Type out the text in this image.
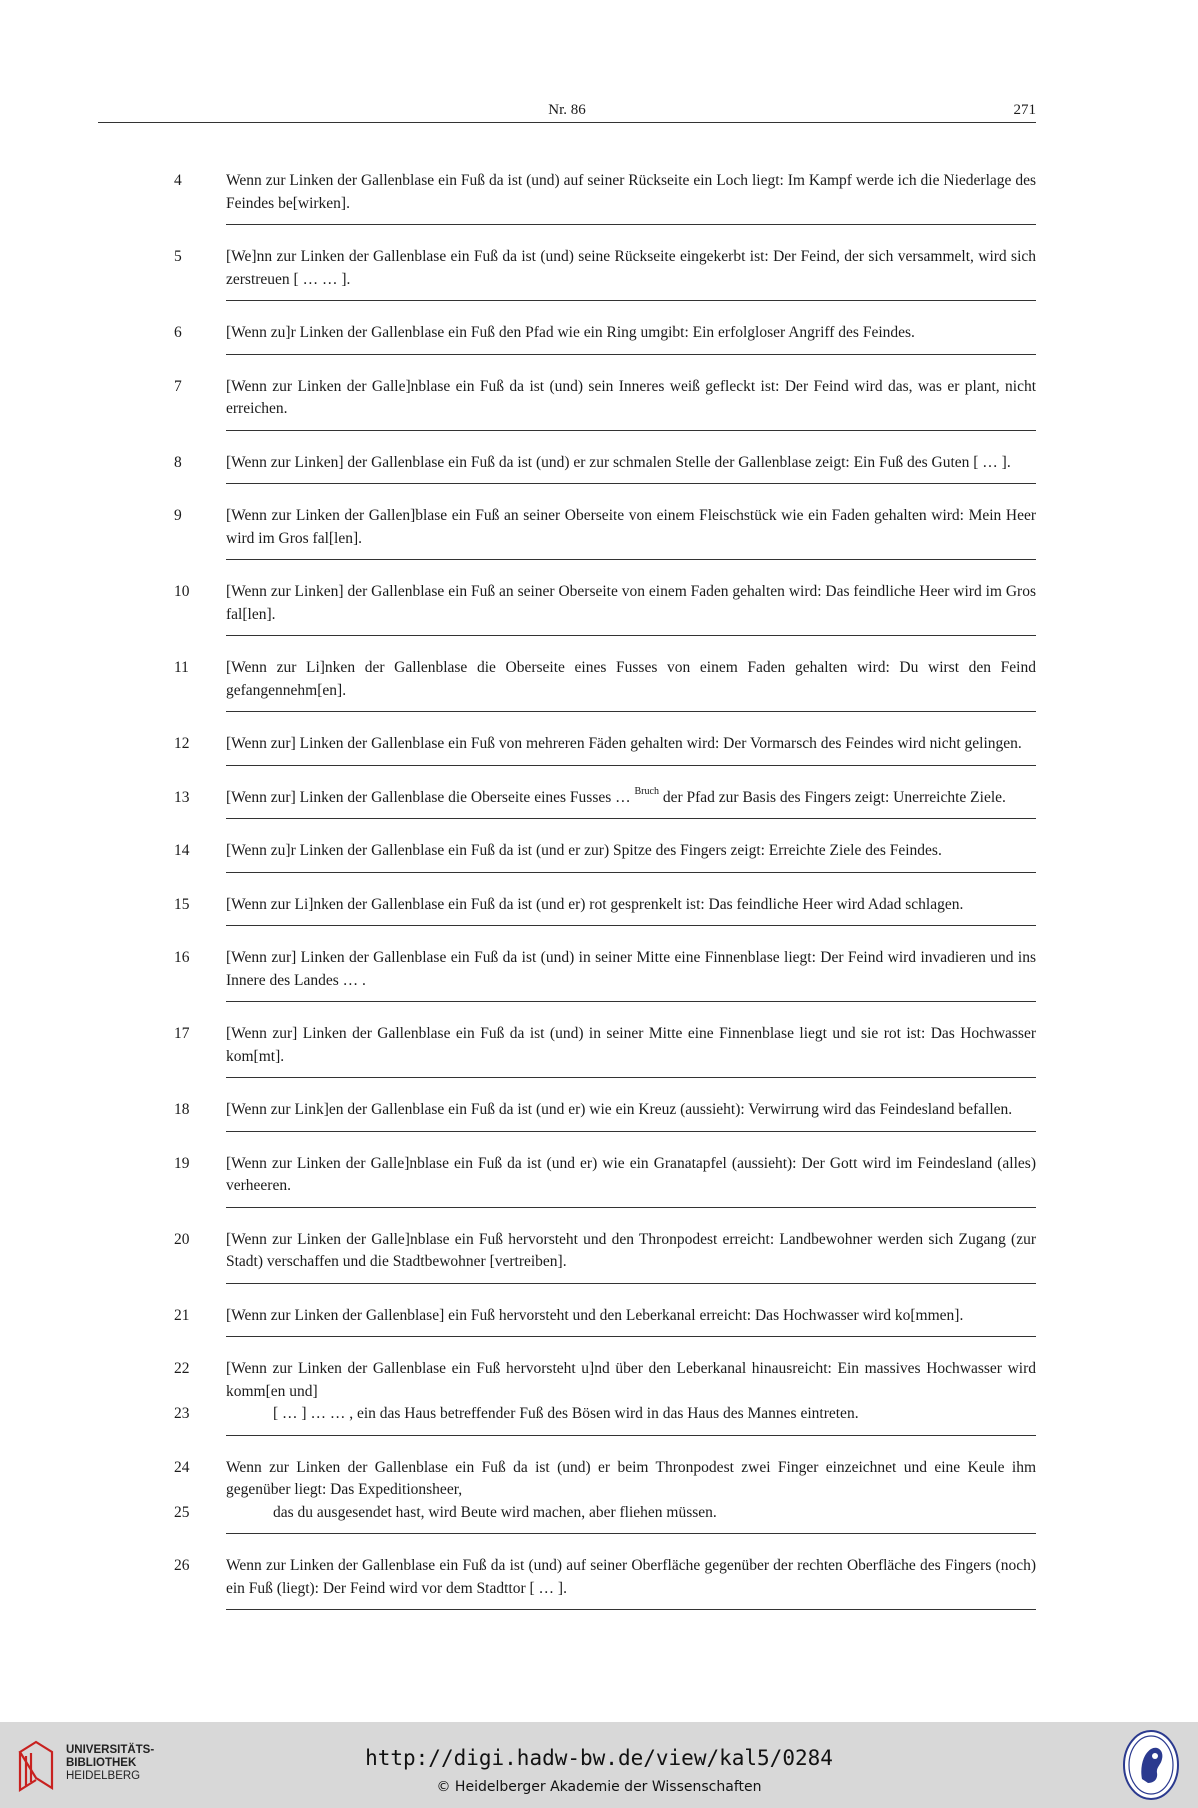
Nr. 86	271
4	Wenn zur Linken der Gallenblase ein Fuß da ist (und) auf seiner Rückseite ein Loch liegt: Im Kampf werde ich die Niederlage des Feindes be[wirken].
5	[We]nn zur Linken der Gallenblase ein Fuß da ist (und) seine Rückseite eingekerbt ist: Der Feind, der sich versammelt, wird sich zerstreuen [ … … ].
6	[Wenn zu]r Linken der Gallenblase ein Fuß den Pfad wie ein Ring umgibt: Ein erfolgloser Angriff des Feindes.
7	[Wenn zur Linken der Galle]nblase ein Fuß da ist (und) sein Inneres weiß gefleckt ist: Der Feind wird das, was er plant, nicht erreichen.
8	[Wenn zur Linken] der Gallenblase ein Fuß da ist (und) er zur schmalen Stelle der Gallenblase zeigt: Ein Fuß des Guten [ … ].
9	[Wenn zur Linken der Gallen]blase ein Fuß an seiner Oberseite von einem Fleischstück wie ein Faden gehalten wird: Mein Heer wird im Gros fal[len].
10	[Wenn zur Linken] der Gallenblase ein Fuß an seiner Oberseite von einem Faden gehalten wird: Das feindliche Heer wird im Gros fal[len].
11	[Wenn zur Li]nken der Gallenblase die Oberseite eines Fusses von einem Faden gehalten wird: Du wirst den Feind gefangennehm[en].
12	[Wenn zur] Linken der Gallenblase ein Fuß von mehreren Fäden gehalten wird: Der Vormarsch des Feindes wird nicht gelingen.
13	[Wenn zur] Linken der Gallenblase die Oberseite eines Fusses … $^{Bruch}$ der Pfad zur Basis des Fingers zeigt: Unerreichte Ziele.
14	[Wenn zu]r Linken der Gallenblase ein Fuß da ist (und er zur) Spitze des Fingers zeigt: Erreichte Ziele des Feindes.
15	[Wenn zur Li]nken der Gallenblase ein Fuß da ist (und er) rot gesprenkelt ist: Das feindliche Heer wird Adad schlagen.
16	[Wenn zur] Linken der Gallenblase ein Fuß da ist (und) in seiner Mitte eine Finnenblase liegt: Der Feind wird invadieren und ins Innere des Landes … .
17	[Wenn zur] Linken der Gallenblase ein Fuß da ist (und) in seiner Mitte eine Finnenblase liegt und sie rot ist: Das Hochwasser kom[mt].
18	[Wenn zur Link]en der Gallenblase ein Fuß da ist (und er) wie ein Kreuz (aussieht): Verwirrung wird das Feindesland befallen.
19	[Wenn zur Linken der Galle]nblase ein Fuß da ist (und er) wie ein Granatapfel (aussieht): Der Gott wird im Feindesland (alles) verheeren.
20	[Wenn zur Linken der Galle]nblase ein Fuß hervorsteht und den Thronpodest erreicht: Landbewohner werden sich Zugang (zur Stadt) verschaffen und die Stadtbewohner [vertreiben].
21	[Wenn zur Linken der Gallenblase] ein Fuß hervorsteht und den Leberkanal erreicht: Das Hochwasser wird ko[mmen].
22	[Wenn zur Linken der Gallenblase ein Fuß hervorsteht u]nd über den Leberkanal hinausreicht: Ein massives Hochwasser wird komm[en und]
23	[ … ] … … , ein das Haus betreffender Fuß des Bösen wird in das Haus des Mannes eintreten.
24	Wenn zur Linken der Gallenblase ein Fuß da ist (und) er beim Thronpodest zwei Finger einzeichnet und eine Keule ihm gegenüber liegt: Das Expeditionsheer,
25	das du ausgesendet hast, wird Beute wird machen, aber fliehen müssen.
26	Wenn zur Linken der Gallenblase ein Fuß da ist (und) auf seiner Oberfläche gegenüber der rechten Oberfläche des Fingers (noch) ein Fuß (liegt): Der Feind wird vor dem Stadttor [ … ].
UNIVERSITÄTS-
BIBLIOTHEK
HEIDELBERG
http://digi.hadw-bw.de/view/kal5/0284
© Heidelberger Akademie der Wissenschaften
